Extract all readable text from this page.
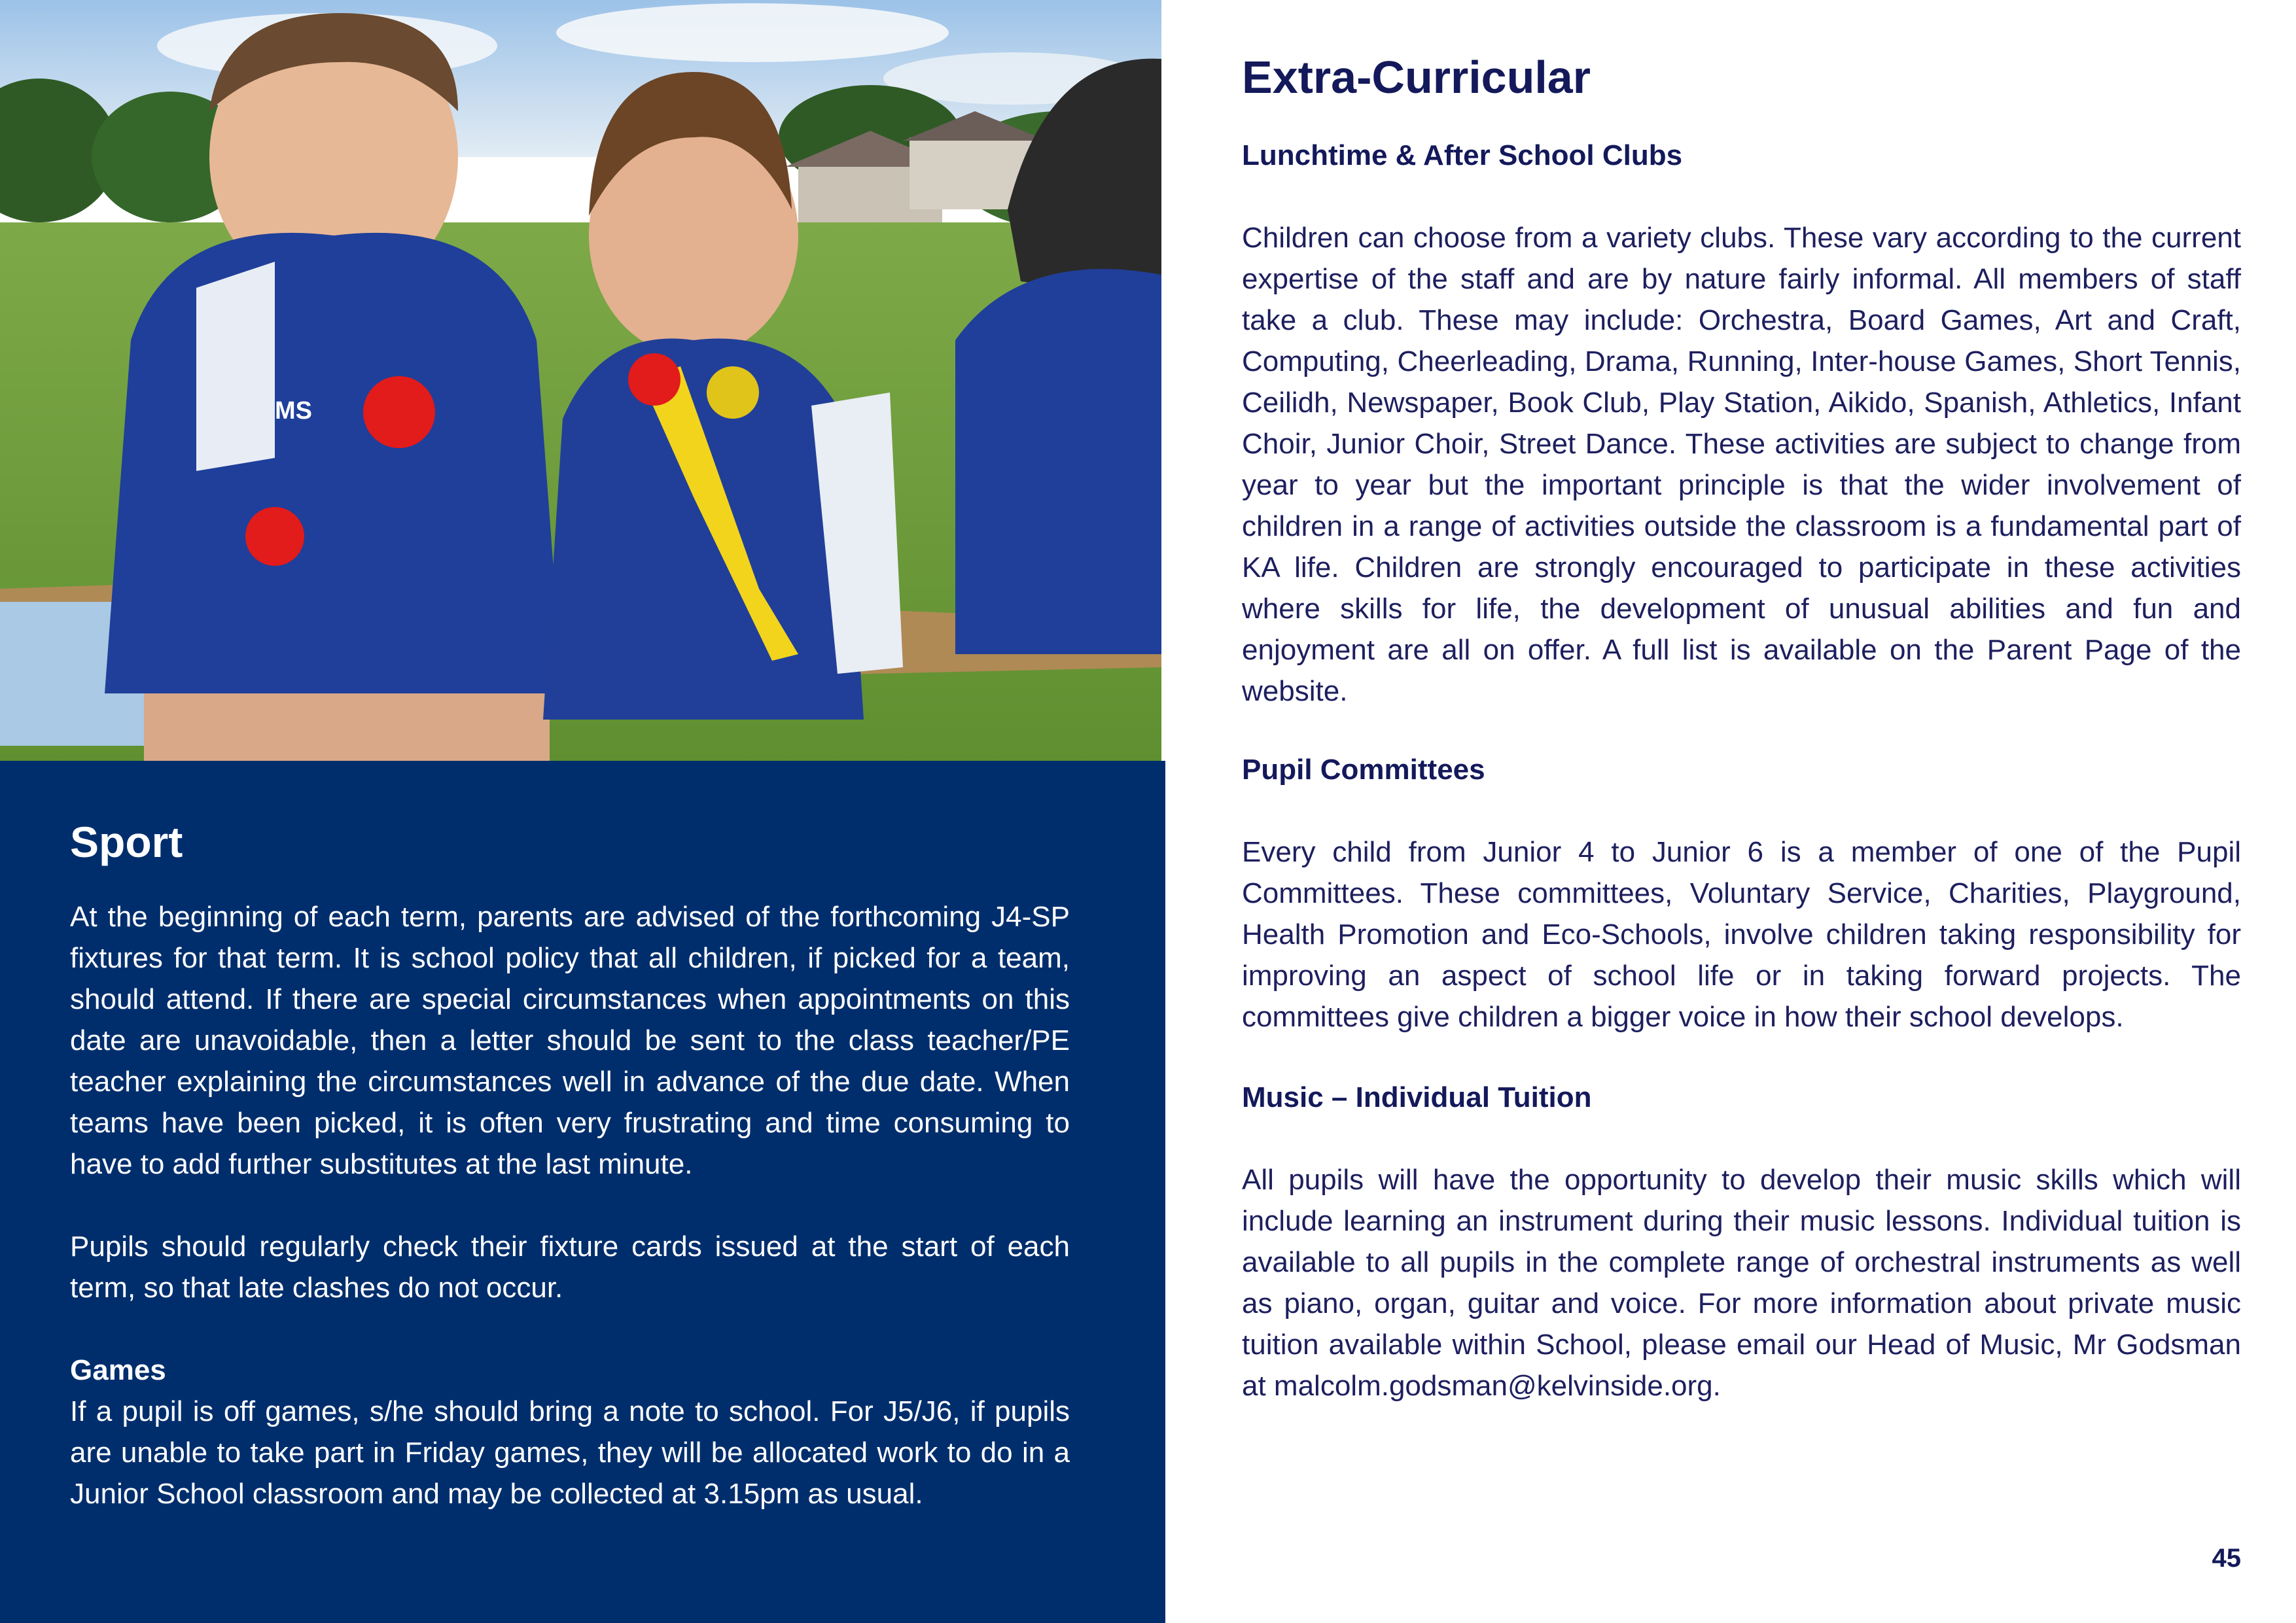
MS
Sport

At the beginning of each term, parents are advised of the forthcoming J4-SP fixtures for that term. It is school policy that all children, if picked for a team, should attend. If there are special circumstances when appointments on this date are unavoidable, then a letter should be sent to the class teacher/PE teacher explaining the circumstances well in advance of the due date. When teams have been picked, it is often very frustrating and time consuming to have to add further substitutes at the last minute.

Pupils should regularly check their fixture cards issued at the start of each term, so that late clashes do not occur.

Games
If a pupil is off games, s/he should bring a note to school. For J5/J6, if pupils are unable to take part in Friday games, they will be allocated work to do in a Junior School classroom and may be collected at 3.15pm as usual.

Extra-Curricular
Lunchtime & After School Clubs

Children can choose from a variety clubs. These vary according to the current expertise of the staff and are by nature fairly informal. All members of staff take a club. These may include: Orchestra, Board Games, Art and Craft, Computing, Cheerleading, Drama, Running, Inter-house Games, Short Tennis, Ceilidh, Newspaper, Book Club, Play Station, Aikido, Spanish, Athletics, Infant Choir, Junior Choir, Street Dance. These activities are subject to change from year to year but the important principle is that the wider involvement of children in a range of activities outside the classroom is a fundamental part of KA life. Children are strongly encouraged to participate in these activities where skills for life, the development of unusual abilities and fun and enjoyment are all on offer. A full list is available on the Parent Page of the website.

Pupil Committees

Every child from Junior 4 to Junior 6 is a member of one of the Pupil Committees. These committees, Voluntary Service, Charities, Playground, Health Promotion and Eco-Schools, involve children taking responsibility for improving an aspect of school life or in taking forward projects. The committees give children a bigger voice in how their school develops.

Music – Individual Tuition

All pupils will have the opportunity to develop their music skills which will include learning an instrument during their music lessons. Individual tuition is available to all pupils in the complete range of orchestral instruments as well as piano, organ, guitar and voice. For more information about private music tuition available within School, please email our Head of Music, Mr Godsman at malcolm.godsman@kelvinside.org.

45
